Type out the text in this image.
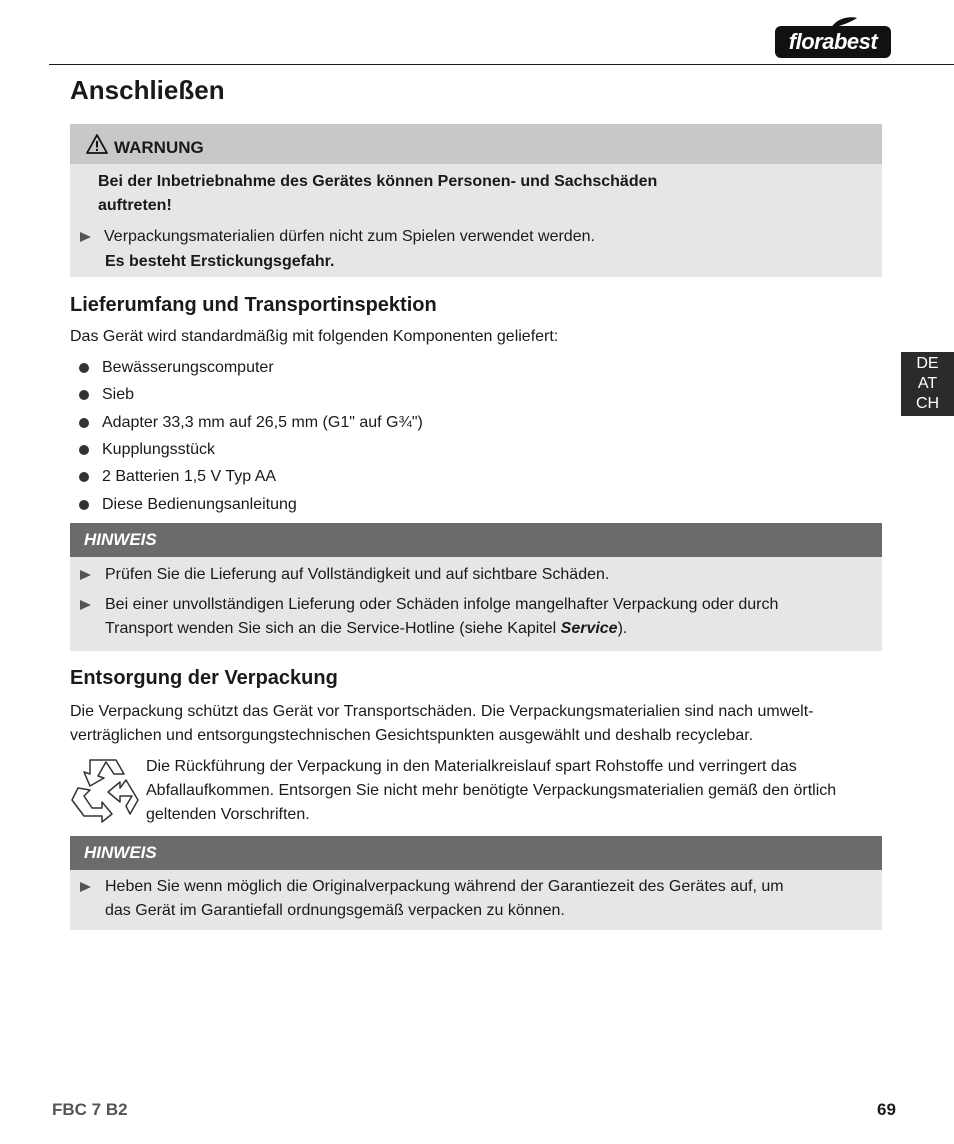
florabest
Anschließen
WARNUNG
Bei der Inbetriebnahme des Gerätes können Personen- und Sachschäden
auftreten!
Verpackungsmaterialien dürfen nicht zum Spielen verwendet werden.
Es besteht Erstickungsgefahr.
Lieferumfang und Transportinspektion
Das Gerät wird standardmäßig mit folgenden Komponenten geliefert:
Bewässerungscomputer
Sieb
Adapter 33,3 mm auf 26,5 mm (G1" auf G¾")
Kupplungsstück
2 Batterien 1,5 V Typ AA
Diese Bedienungsanleitung
HINWEIS
Prüfen Sie die Lieferung auf Vollständigkeit und auf sichtbare Schäden.
Bei einer unvollständigen Lieferung oder Schäden infolge mangelhafter Verpackung oder durch
Transport wenden Sie sich an die Service-Hotline (siehe Kapitel Service).
Entsorgung der Verpackung
Die Verpackung schützt das Gerät vor Transportschäden. Die Verpackungsmaterialien sind nach umwelt-
verträglichen und entsorgungstechnischen Gesichtspunkten ausgewählt und deshalb recyclebar.
Die Rückführung der Verpackung in den Materialkreislauf spart Rohstoffe und verringert das
Abfallaufkommen. Entsorgen Sie nicht mehr benötigte Verpackungsmaterialien gemäß den örtlich
geltenden Vorschriften.
HINWEIS
Heben Sie wenn möglich die Originalverpackung während der Garantiezeit des Gerätes auf, um
das Gerät im Garantiefall ordnungsgemäß verpacken zu können.
DE
AT
CH
FBC 7 B2	69
